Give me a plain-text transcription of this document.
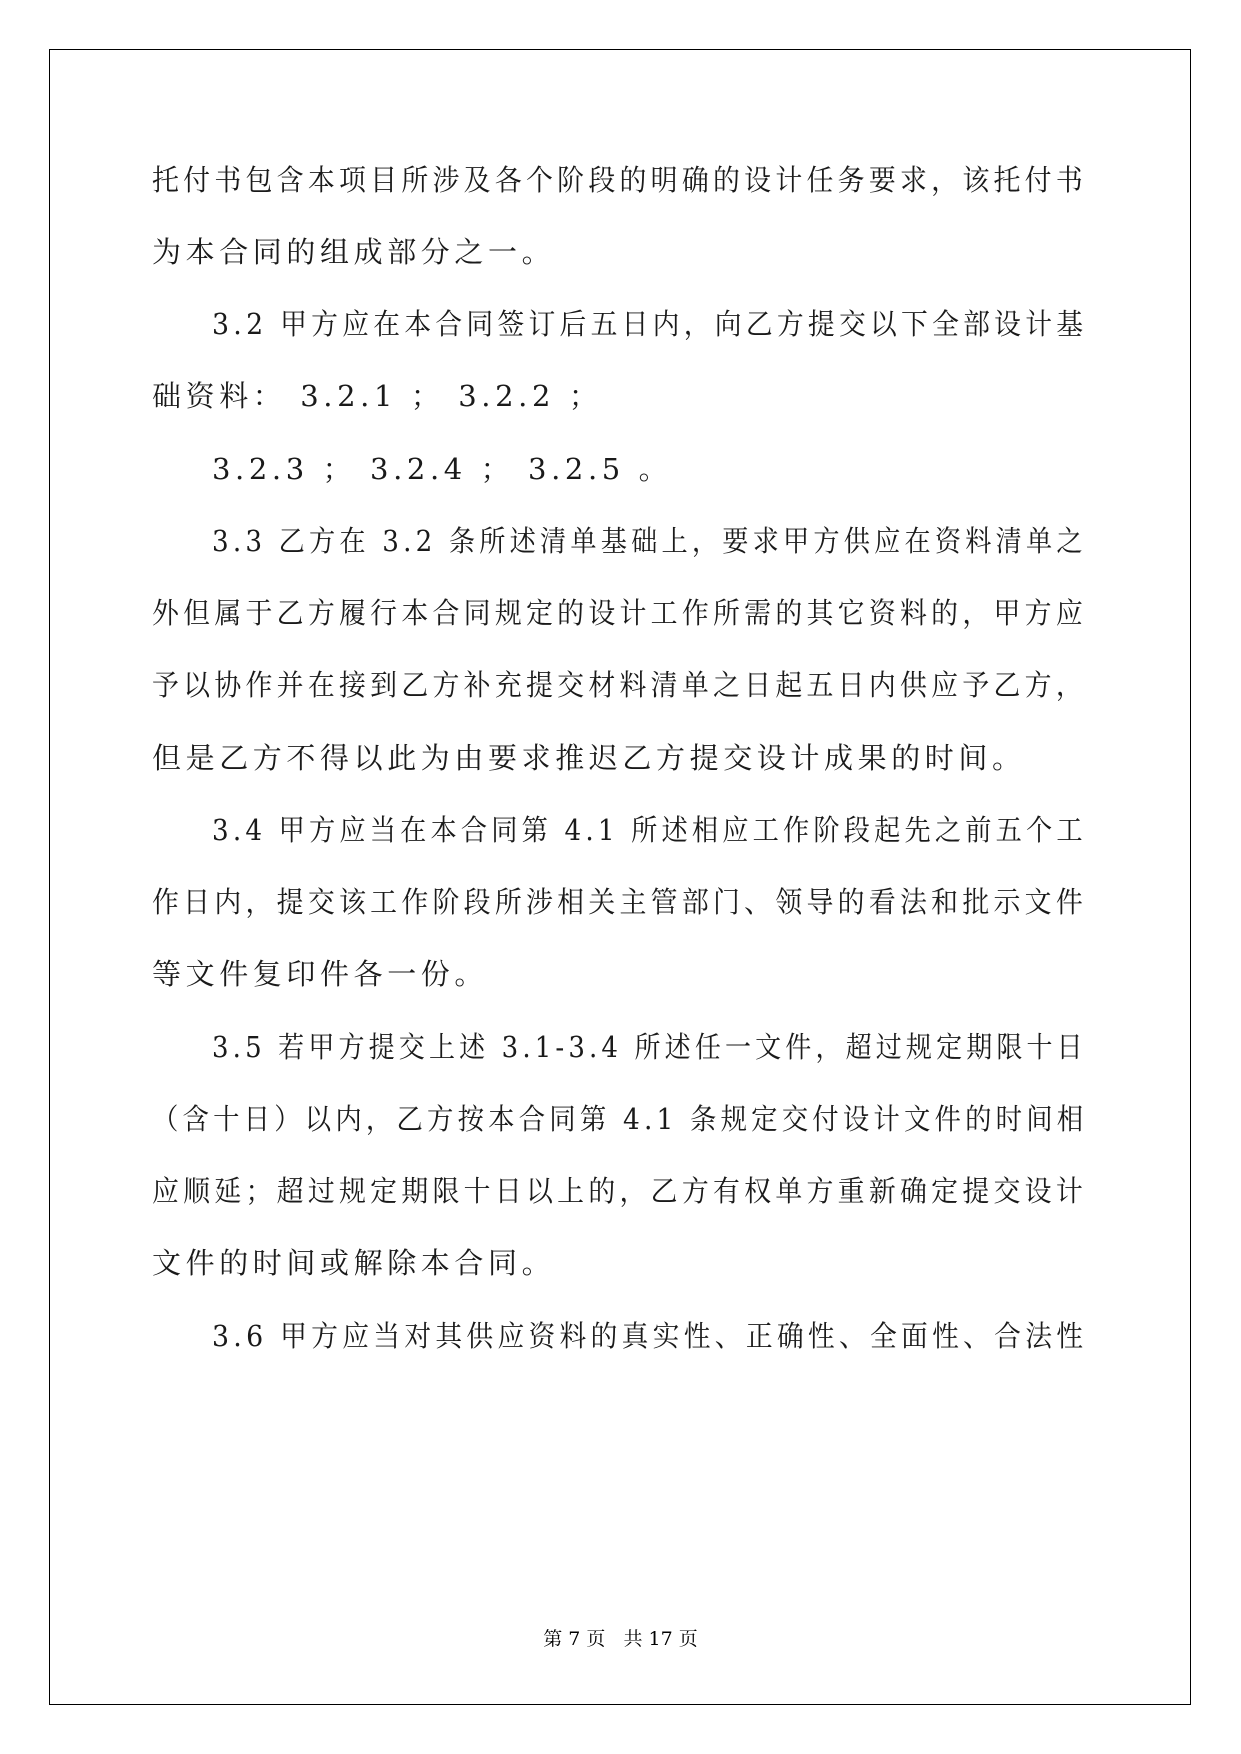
托付书包含本项目所涉及各个阶段的明确的设计任务要求，该托付书
为本合同的组成部分之一。
3.2 甲方应在本合同签订后五日内，向乙方提交以下全部设计基
础资料： 3.2.1 ； 3.2.2 ；
3.2.3 ； 3.2.4 ； 3.2.5 。
3.3 乙方在 3.2 条所述清单基础上，要求甲方供应在资料清单之
外但属于乙方履行本合同规定的设计工作所需的其它资料的，甲方应
予以协作并在接到乙方补充提交材料清单之日起五日内供应予乙方，
但是乙方不得以此为由要求推迟乙方提交设计成果的时间。
3.4 甲方应当在本合同第 4.1 所述相应工作阶段起先之前五个工
作日内，提交该工作阶段所涉相关主管部门、领导的看法和批示文件
等文件复印件各一份。
3.5 若甲方提交上述 3.1-3.4 所述任一文件，超过规定期限十日
（含十日）以内，乙方按本合同第 4.1 条规定交付设计文件的时间相
应顺延；超过规定期限十日以上的，乙方有权单方重新确定提交设计
文件的时间或解除本合同。
3.6 甲方应当对其供应资料的真实性、正确性、全面性、合法性
第 7 页 共 17 页
